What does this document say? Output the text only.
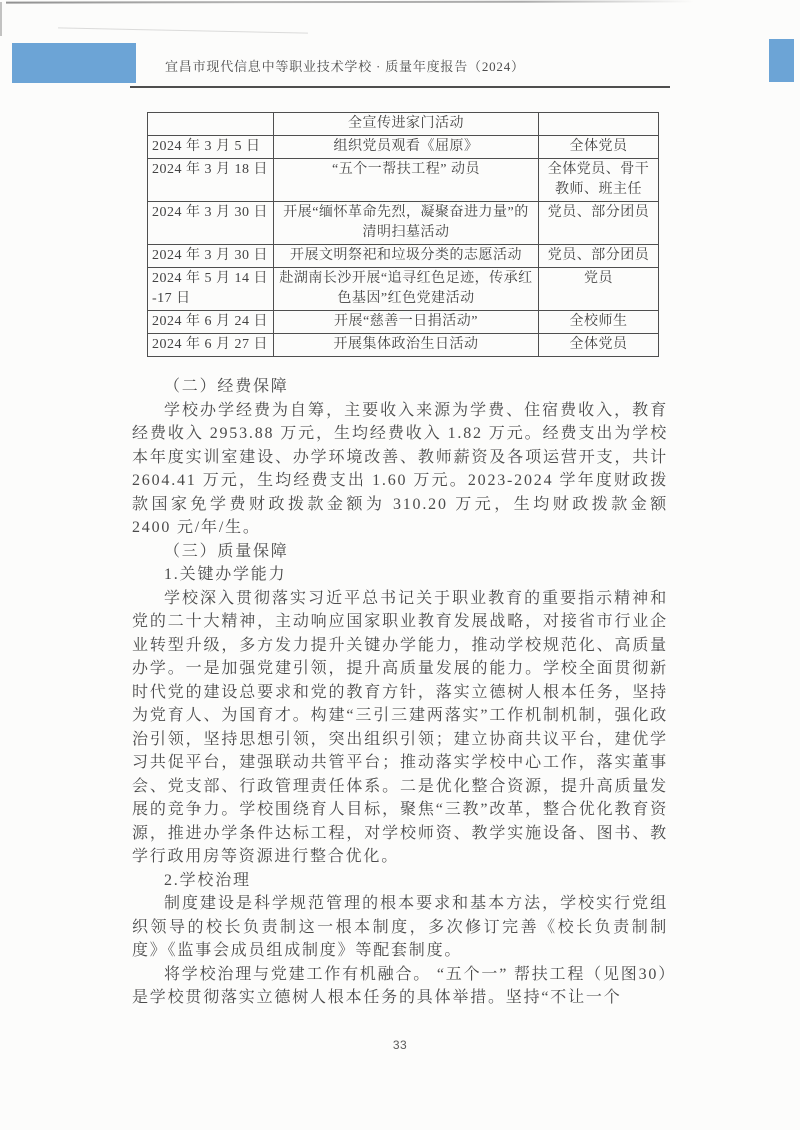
宜昌市现代信息中等职业技术学校 · 质量年度报告（2024）
	全宣传进家门活动	
2024 年 3 月 5 日	组织党员观看《屈原》	全体党员
2024 年 3 月 18 日	“五个一帮扶工程” 动员	全体党员、骨干教师、班主任
2024 年 3 月 30 日	开展“缅怀革命先烈，凝聚奋进力量”的清明扫墓活动	党员、部分团员
2024 年 3 月 30 日	开展文明祭祀和垃圾分类的志愿活动	党员、部分团员
2024 年 5 月 14 日 -17 日	赴湖南长沙开展“追寻红色足迹，传承红色基因”红色党建活动	党员
2024 年 6 月 24 日	开展“慈善一日捐活动”	全校师生
2024 年 6 月 27 日	开展集体政治生日活动	全体党员

（二）经费保障

学校办学经费为自筹，主要收入来源为学费、住宿费收入，教育经费收入 2953.88 万元，生均经费收入 1.82 万元。经费支出为学校本年度实训室建设、办学环境改善、教师薪资及各项运营开支，共计 2604.41 万元，生均经费支出 1.60 万元。2023-2024 学年度财政拨款国家免学费财政拨款金额为 310.20 万元，生均财政拨款金额 2400 元/年/生。

（三）质量保障

1.关键办学能力

学校深入贯彻落实习近平总书记关于职业教育的重要指示精神和党的二十大精神，主动响应国家职业教育发展战略，对接省市行业企业转型升级，多方发力提升关键办学能力，推动学校规范化、高质量办学。一是加强党建引领，提升高质量发展的能力。学校全面贯彻新时代党的建设总要求和党的教育方针，落实立德树人根本任务，坚持为党育人、为国育才。构建“三引三建两落实”工作机制机制，强化政治引领，坚持思想引领，突出组织引领；建立协商共议平台，建优学习共促平台，建强联动共管平台；推动落实学校中心工作，落实董事会、党支部、行政管理责任体系。二是优化整合资源，提升高质量发展的竞争力。学校围绕育人目标，聚焦“三教”改革，整合优化教育资源，推进办学条件达标工程，对学校师资、教学实施设备、图书、教学行政用房等资源进行整合优化。

2.学校治理

制度建设是科学规范管理的根本要求和基本方法，学校实行党组织领导的校长负责制这一根本制度，多次修订完善《校长负责制制度》《监事会成员组成制度》等配套制度。

将学校治理与党建工作有机融合。 “五个一” 帮扶工程（见图30）是学校贯彻落实立德树人根本任务的具体举措。坚持“不让一个

33
